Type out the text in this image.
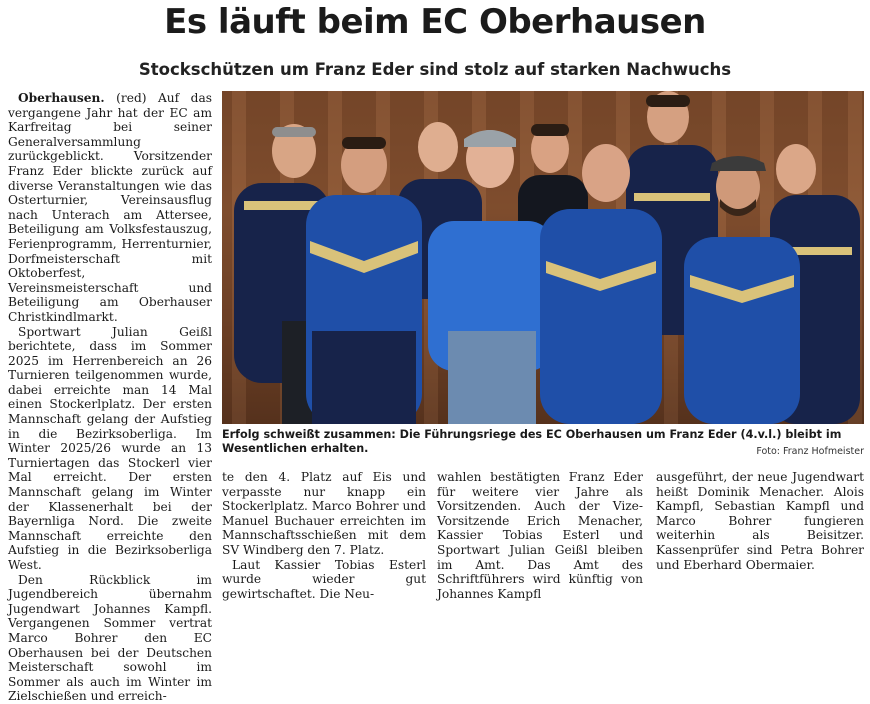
Es läuft beim EC Oberhausen
Stockschützen um Franz Eder sind stolz auf starken Nachwuchs

Oberhausen. (red) Auf das vergangene Jahr hat der EC am Karfreitag bei seiner Generalversammlung zurückgeblickt. Vorsitzender Franz Eder blickte zurück auf diverse Veranstaltungen wie das Osterturnier, Vereinsausflug nach Unterach am Attersee, Beteiligung am Volksfestauszug, Ferienprogramm, Herrenturnier, Dorfmeisterschaft mit Oktoberfest, Vereinsmeisterschaft und Beteiligung am Oberhauser Christkindlmarkt.

Sportwart Julian Geißl berichtete, dass im Sommer 2025 im Herrenbereich an 26 Turnieren teilgenommen wurde, dabei erreichte man 14 Mal einen Stockerlplatz. Der ersten Mannschaft gelang der Aufstieg in die Bezirksoberliga. Im Winter 2025/26 wurde an 13 Turniertagen das Stockerl vier Mal erreicht. Der ersten Mannschaft gelang im Winter der Klassenerhalt bei der Bayernliga Nord. Die zweite Mannschaft erreichte den Aufstieg in die Bezirksoberliga West.

Den Rückblick im Jugendbereich übernahm Jugendwart Johannes Kampfl. Vergangenen Sommer vertrat Marco Bohrer den EC Oberhausen bei der Deutschen Meisterschaft sowohl im Sommer als auch im Winter im Zielschießen und erreich-

Erfolg schweißt zusammen: Die Führungsriege des EC Oberhausen um Franz Eder (4.v.l.) bleibt im Wesentlichen erhalten.	Foto: Franz Hofmeister

te den 4. Platz auf Eis und verpasste nur knapp ein Stockerlplatz. Marco Bohrer und Manuel Buchauer erreichten im Mannschaftsschießen mit dem SV Windberg den 7. Platz.

Laut Kassier Tobias Esterl wurde wieder gut gewirtschaftet. Die Neu-

wahlen bestätigten Franz Eder für weitere vier Jahre als Vorsitzenden. Auch der Vize-Vorsitzende Erich Menacher, Kassier Tobias Esterl und Sportwart Julian Geißl bleiben im Amt. Das Amt des Schriftführers wird künftig von Johannes Kampfl

ausgeführt, der neue Jugendwart heißt Dominik Menacher. Alois Kampfl, Sebastian Kampfl und Marco Bohrer fungieren weiterhin als Beisitzer. Kassenprüfer sind Petra Bohrer und Eberhard Obermaier.
